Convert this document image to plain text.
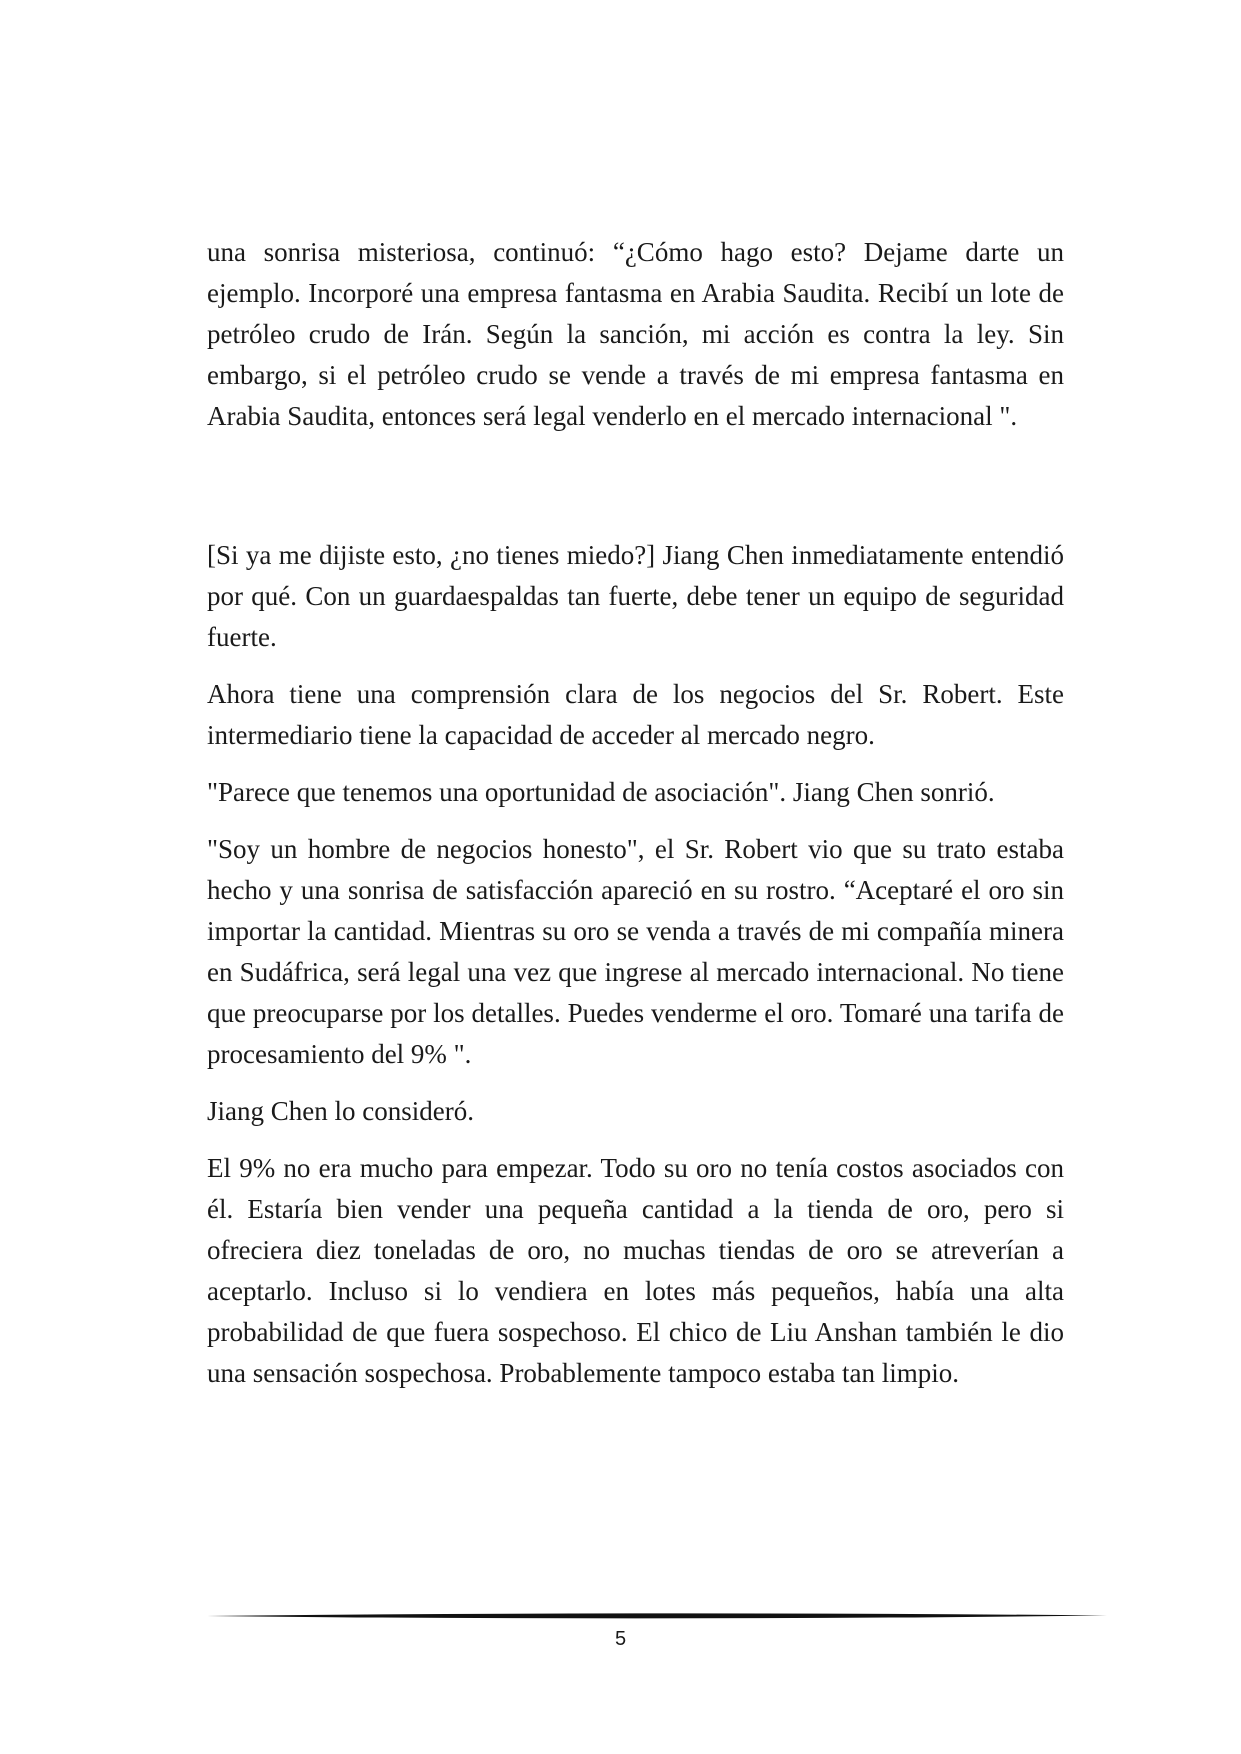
una sonrisa misteriosa, continuó: “¿Cómo hago esto? Dejame darte un ejemplo. Incorporé una empresa fantasma en Arabia Saudita. Recibí un lote de petróleo crudo de Irán. Según la sanción, mi acción es contra la ley. Sin embargo, si el petróleo crudo se vende a través de mi empresa fantasma en Arabia Saudita, entonces será legal venderlo en el mercado internacional ".

[Si ya me dijiste esto, ¿no tienes miedo?] Jiang Chen inmediatamente entendió por qué. Con un guardaespaldas tan fuerte, debe tener un equipo de seguridad fuerte.

Ahora tiene una comprensión clara de los negocios del Sr. Robert. Este intermediario tiene la capacidad de acceder al mercado negro.

"Parece que tenemos una oportunidad de asociación". Jiang Chen sonrió.

"Soy un hombre de negocios honesto", el Sr. Robert vio que su trato estaba hecho y una sonrisa de satisfacción apareció en su rostro. “Aceptaré el oro sin importar la cantidad. Mientras su oro se venda a través de mi compañía minera en Sudáfrica, será legal una vez que ingrese al mercado internacional. No tiene que preocuparse por los detalles. Puedes venderme el oro. Tomaré una tarifa de procesamiento del 9% ".

Jiang Chen lo consideró.

El 9% no era mucho para empezar. Todo su oro no tenía costos asociados con él. Estaría bien vender una pequeña cantidad a la tienda de oro, pero si ofreciera diez toneladas de oro, no muchas tiendas de oro se atreverían a aceptarlo. Incluso si lo vendiera en lotes más pequeños, había una alta probabilidad de que fuera sospechoso. El chico de Liu Anshan también le dio una sensación sospechosa. Probablemente tampoco estaba tan limpio.

5
